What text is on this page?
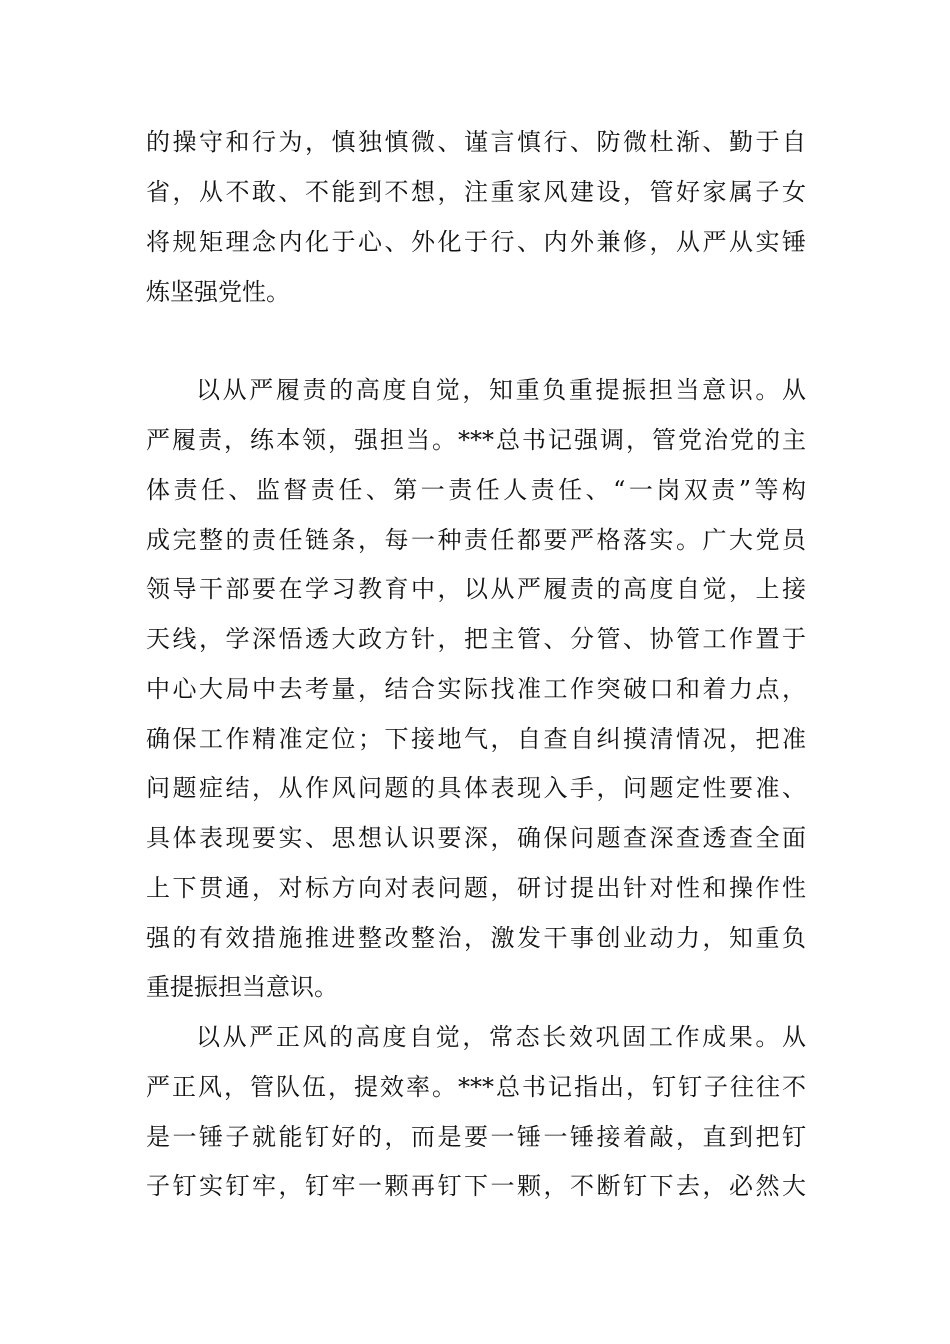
的操守和行为，慎独慎微、谨言慎行、防微杜渐、勤于自

省，从不敢、不能到不想，注重家风建设，管好家属子女

将规矩理念内化于心、外化于行、内外兼修，从严从实锤

炼坚强党性。

以从严履责的高度自觉，知重负重提振担当意识。从

严履责，练本领，强担当。***总书记强调，管党治党的主

体责任、监督责任、第一责任人责任、“一岗双责”等构

成完整的责任链条，每一种责任都要严格落实。广大党员

领导干部要在学习教育中，以从严履责的高度自觉，上接

天线，学深悟透大政方针，把主管、分管、协管工作置于

中心大局中去考量，结合实际找准工作突破口和着力点，

确保工作精准定位；下接地气，自查自纠摸清情况，把准

问题症结，从作风问题的具体表现入手，问题定性要准、

具体表现要实、思想认识要深，确保问题查深查透查全面

上下贯通，对标方向对表问题，研讨提出针对性和操作性

强的有效措施推进整改整治，激发干事创业动力，知重负

重提振担当意识。

以从严正风的高度自觉，常态长效巩固工作成果。从

严正风，管队伍，提效率。***总书记指出，钉钉子往往不

是一锤子就能钉好的，而是要一锤一锤接着敲，直到把钉

子钉实钉牢，钉牢一颗再钉下一颗，不断钉下去，必然大
